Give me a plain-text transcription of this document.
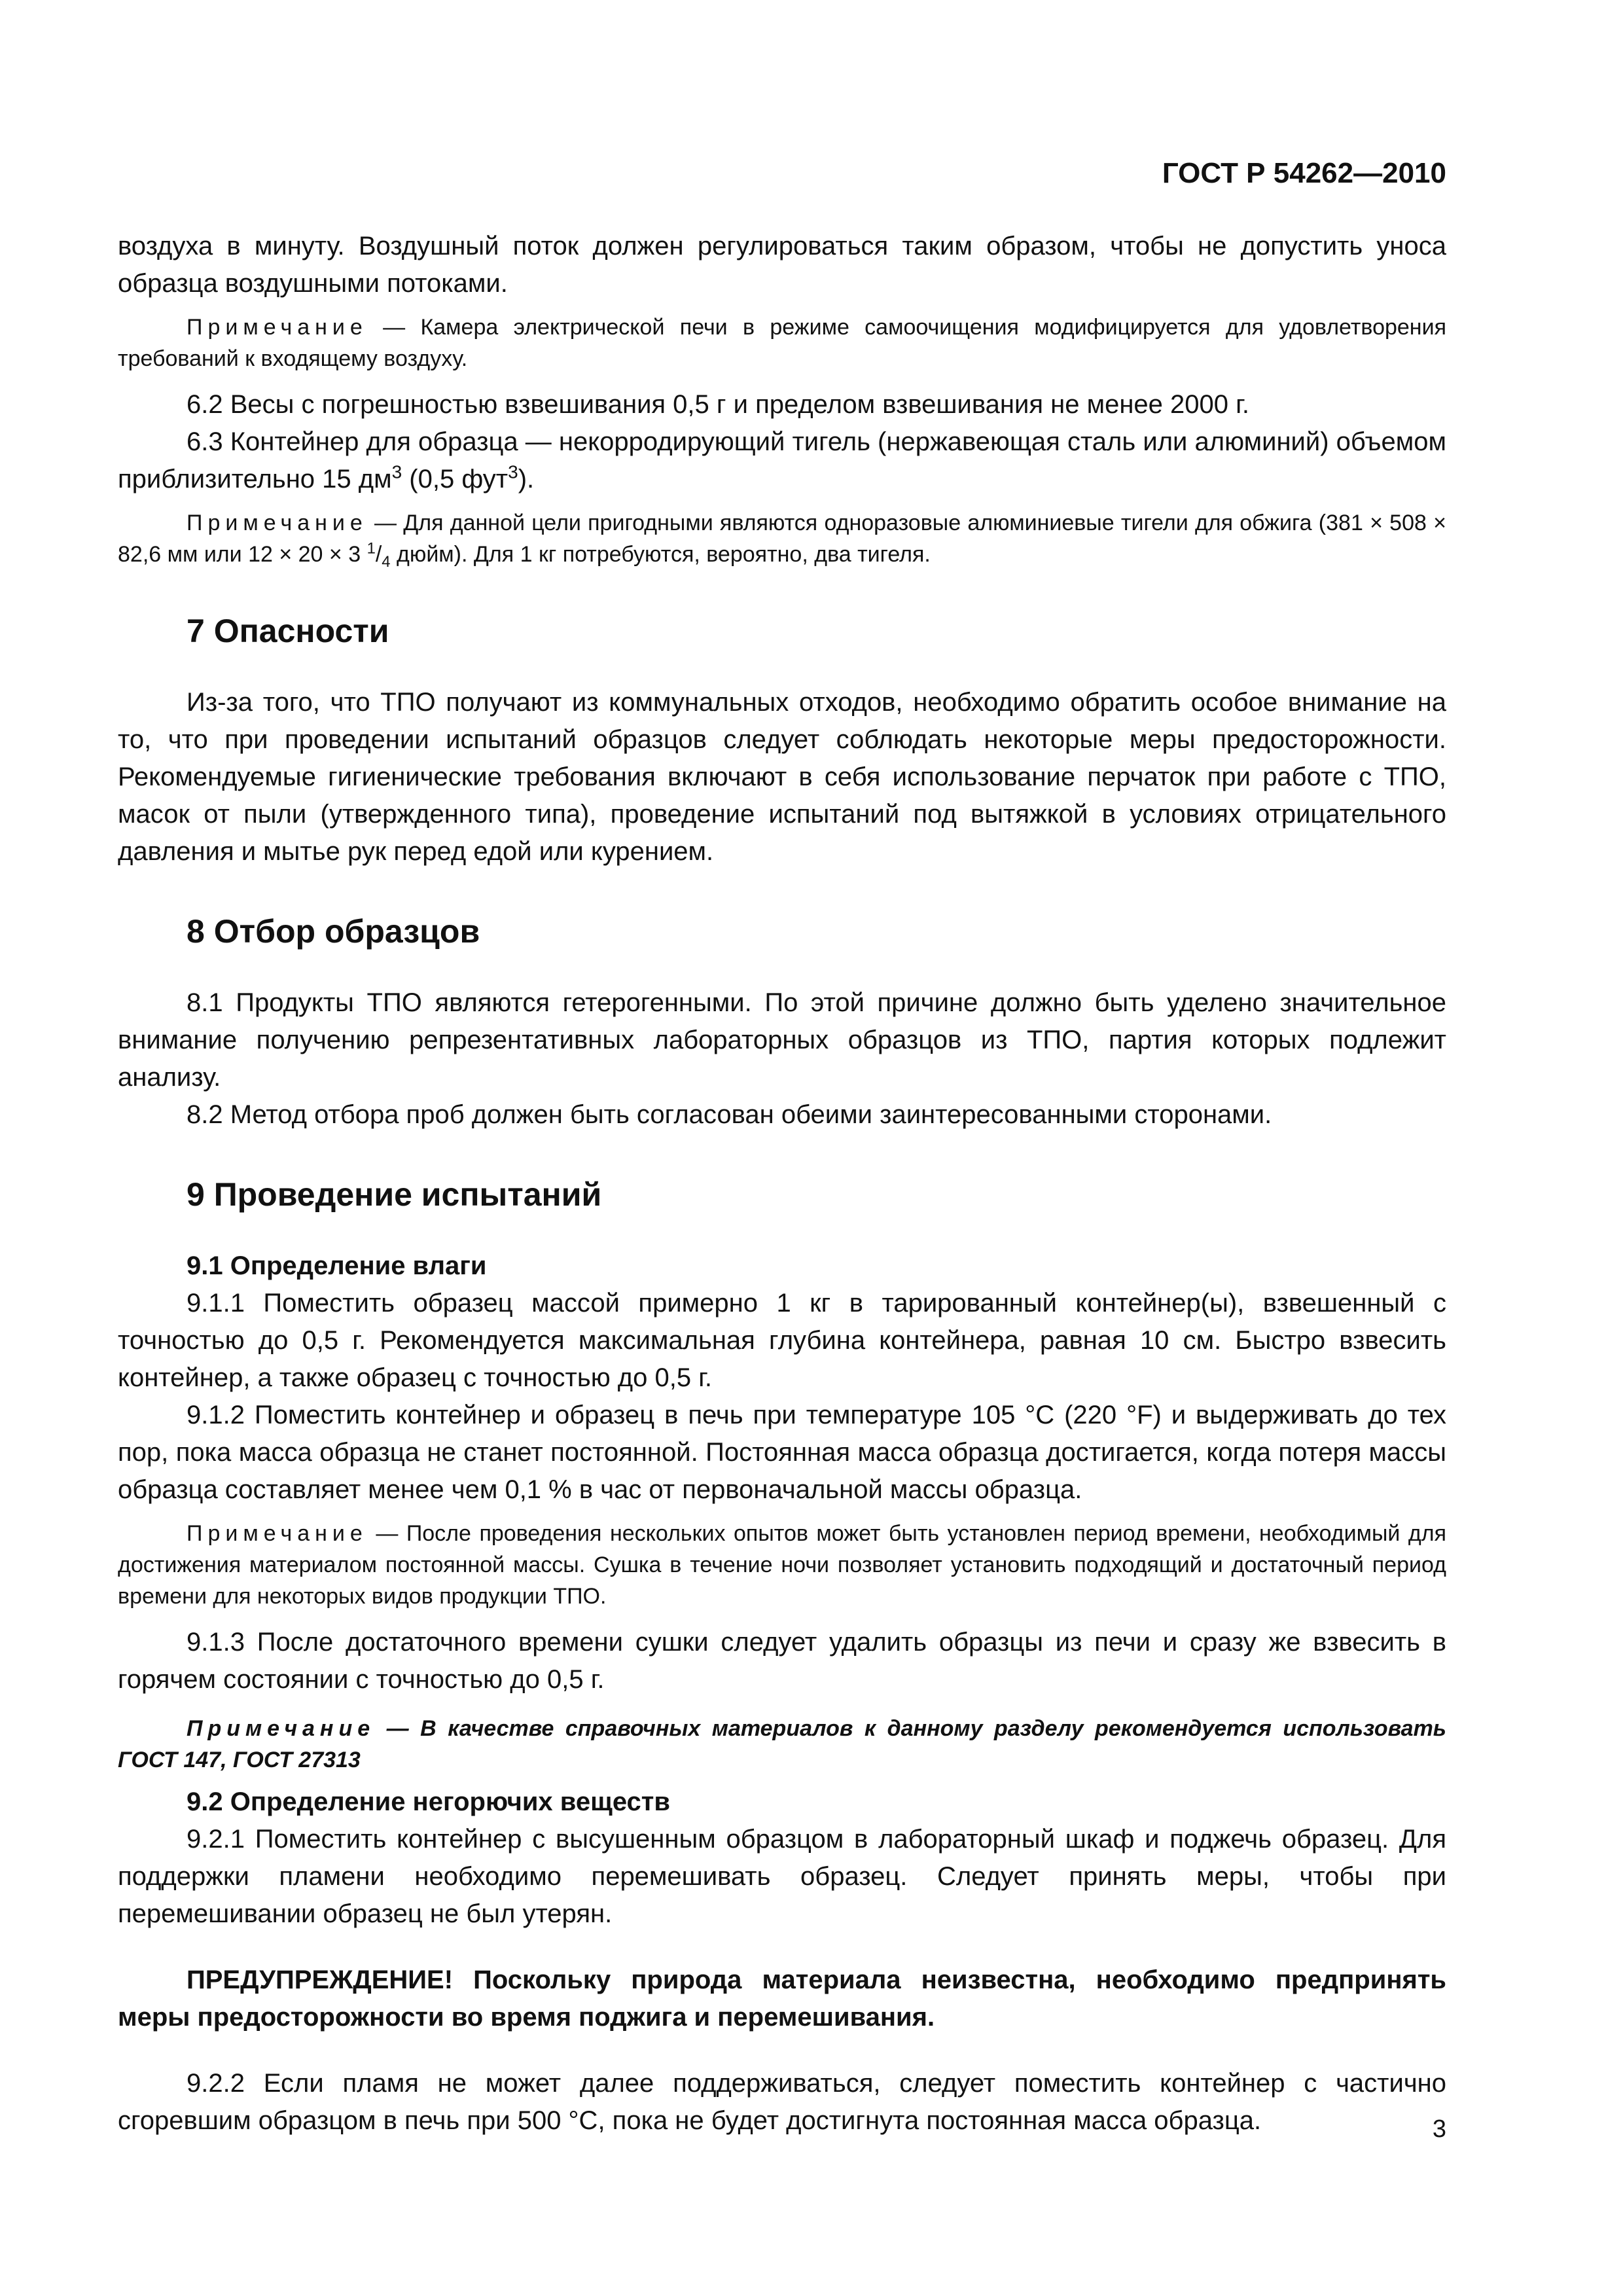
ГОСТ Р 54262—2010

воздуха в минуту. Воздушный поток должен регулироваться таким образом, чтобы не допустить уноса образца воздушными потоками.

Примечание — Камера электрической печи в режиме самоочищения модифицируется для удовлетворения требований к входящему воздуху.

6.2 Весы с погрешностью взвешивания 0,5 г и пределом взвешивания не менее 2000 г.

6.3 Контейнер для образца — некорродирующий тигель (нержавеющая сталь или алюминий) объемом приблизительно 15 $дм^3$ (0,5 фут$^3$).

Примечание — Для данной цели пригодными являются одноразовые алюминиевые тигели для обжига (381 × 508 × 82,6 мм или 12 × 20 × 3 $^1/_4$ дюйм). Для 1 кг потребуются, вероятно, два тигеля.

7 Опасности

Из-за того, что ТПО получают из коммунальных отходов, необходимо обратить особое внимание на то, что при проведении испытаний образцов следует соблюдать некоторые меры предосторожности. Рекомендуемые гигиенические требования включают в себя использование перчаток при работе с ТПО, масок от пыли (утвержденного типа), проведение испытаний под вытяжкой в условиях отрицательного давления и мытье рук перед едой или курением.

8 Отбор образцов

8.1 Продукты ТПО являются гетерогенными. По этой причине должно быть уделено значительное внимание получению репрезентативных лабораторных образцов из ТПО, партия которых подлежит анализу.

8.2 Метод отбора проб должен быть согласован обеими заинтересованными сторонами.

9 Проведение испытаний
9.1 Определение влаги

9.1.1 Поместить образец массой примерно 1 кг в тарированный контейнер(ы), взвешенный с точностью до 0,5 г. Рекомендуется максимальная глубина контейнера, равная 10 см. Быстро взвесить контейнер, а также образец с точностью до 0,5 г.

9.1.2 Поместить контейнер и образец в печь при температуре 105 °С (220 °F) и выдерживать до тех пор, пока масса образца не станет постоянной. Постоянная масса образца достигается, когда потеря массы образца составляет менее чем 0,1 % в час от первоначальной массы образца.

Примечание — После проведения нескольких опытов может быть установлен период времени, необходимый для достижения материалом постоянной массы. Сушка в течение ночи позволяет установить подходящий и достаточный период времени для некоторых видов продукции ТПО.

9.1.3 После достаточного времени сушки следует удалить образцы из печи и сразу же взвесить в горячем состоянии с точностью до 0,5 г.

Примечание — В качестве справочных материалов к данному разделу рекомендуется использовать ГОСТ 147, ГОСТ 27313

9.2 Определение негорючих веществ

9.2.1 Поместить контейнер с высушенным образцом в лабораторный шкаф и поджечь образец. Для поддержки пламени необходимо перемешивать образец. Следует принять меры, чтобы при перемешивании образец не был утерян.

ПРЕДУПРЕЖДЕНИЕ! Поскольку природа материала неизвестна, необходимо предпринять меры предосторожности во время поджига и перемешивания.

9.2.2 Если пламя не может далее поддерживаться, следует поместить контейнер с частично сгоревшим образцом в печь при 500 °С, пока не будет достигнута постоянная масса образца.	3
